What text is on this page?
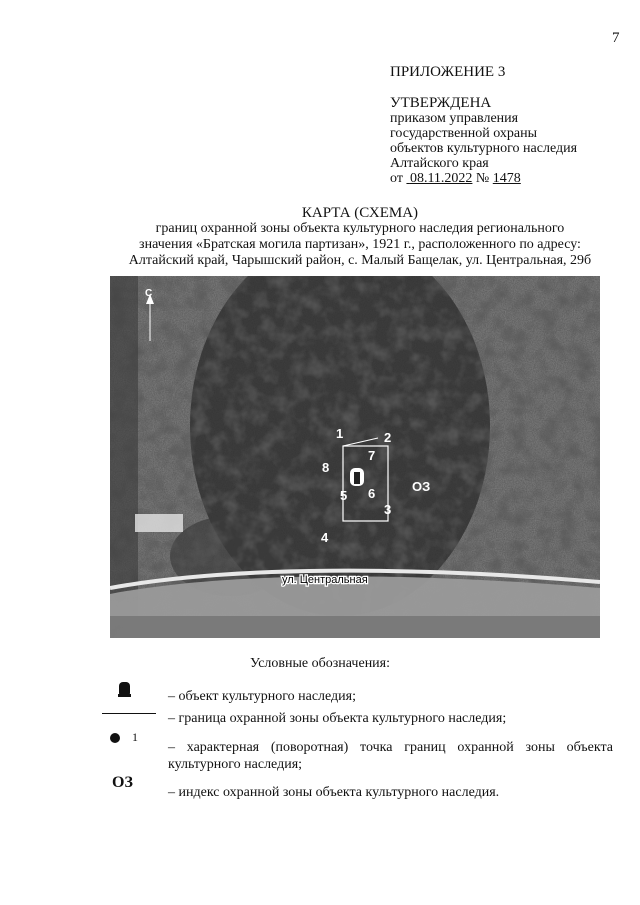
7
ПРИЛОЖЕНИЕ 3
УТВЕРЖДЕНА
приказом управления
государственной охраны
объектов культурного наследия
Алтайского края
от 08.11.2022 № 1478
КАРТА (СХЕМА)
границ охранной зоны объекта культурного наследия регионального
значения «Братская могила партизан», 1921 г., расположенного по адресу:
Алтайский край, Чарышский район, с. Малый Бащелак, ул. Центральная, 29б
С
1	2
3
4
5 6
7
8
ОЗ
ул. Центральная
Условные обозначения:
– объект культурного наследия;
– граница охранной зоны объекта культурного наследия;
1
– характерная (поворотная) точка границ охранной зоны объекта культурного наследия;
ОЗ
– индекс охранной зоны объекта культурного наследия.
